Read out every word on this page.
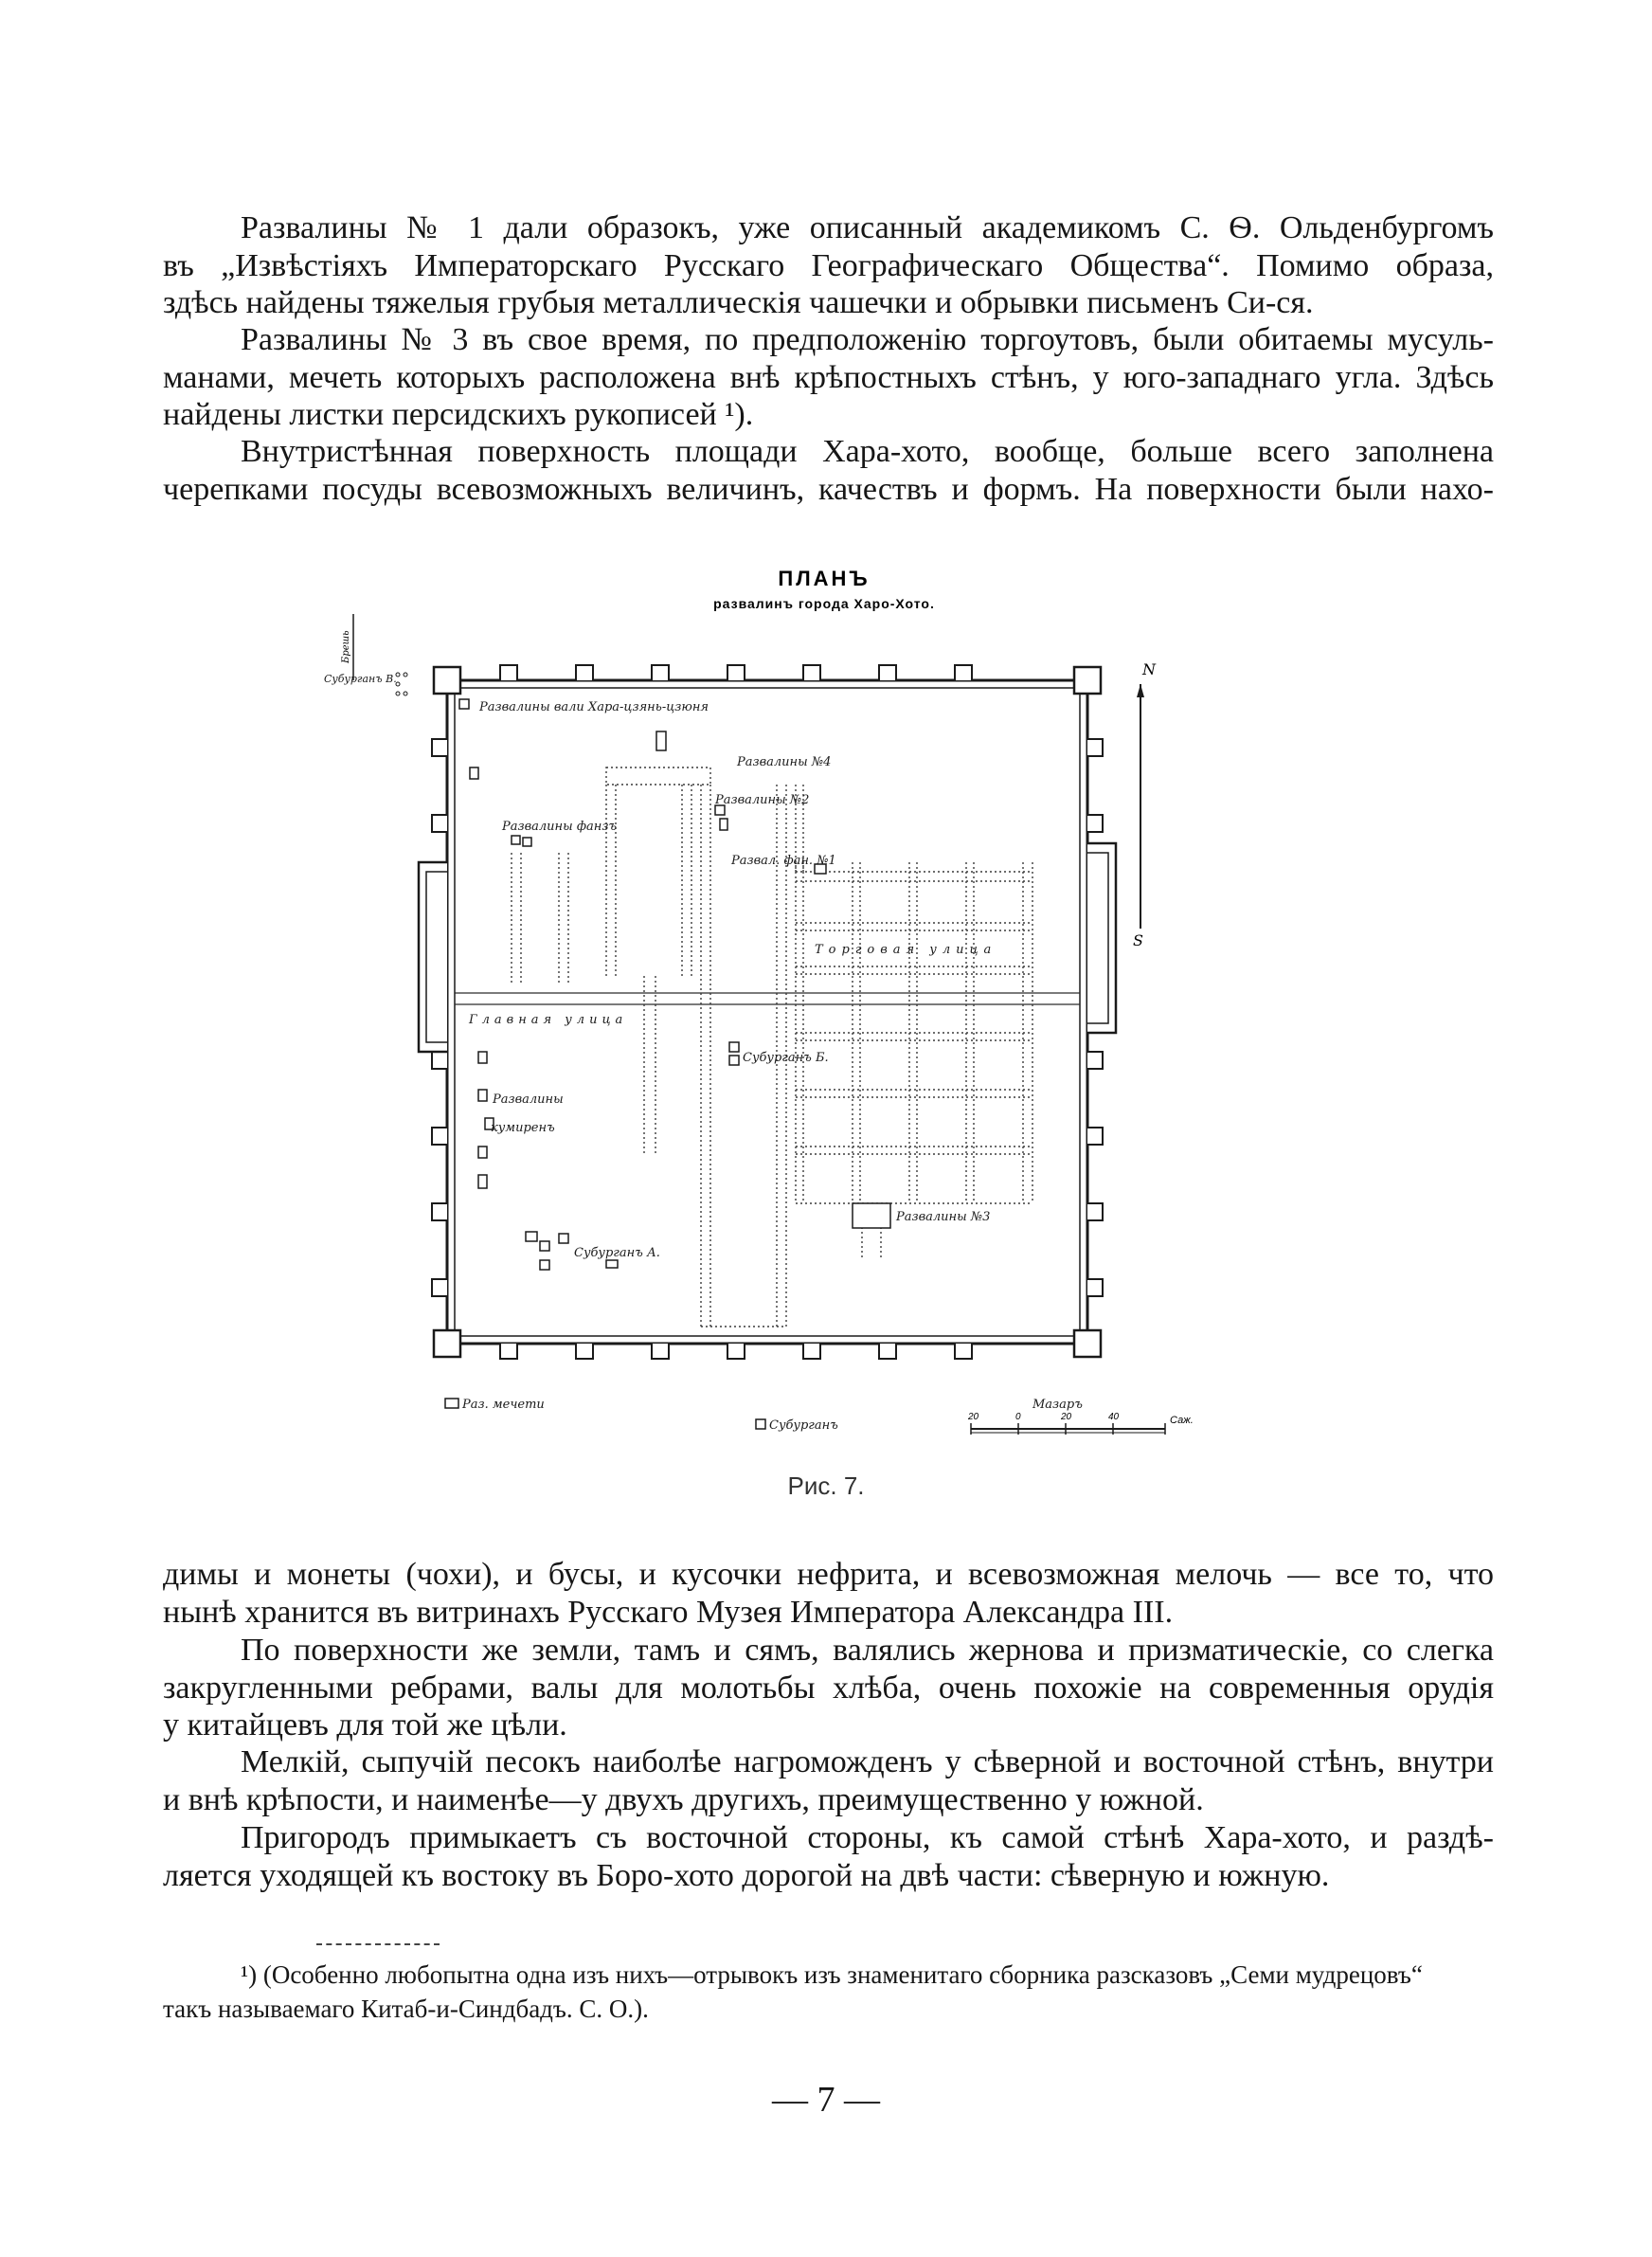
Развалины № 1 дали образокъ, уже описанный академикомъ С. Ѳ. Ольденбургомъ
въ „Извѣстіяхъ Императорскаго Русскаго Географическаго Общества“. Помимо образа,
здѣсь найдены тяжелыя грубыя металлическія чашечки и обрывки письменъ Си-ся.

Развалины № 3 въ свое время, по предположенію торгоутовъ, были обитаемы мусуль-
манами, мечеть которыхъ расположена внѣ крѣпостныхъ стѣнъ, у юго-западнаго угла. Здѣсь
найдены листки персидскихъ рукописей ¹).

Внутристѣнная поверхность площади Хара-хото, вообще, больше всего заполнена
черепками посуды всевозможныхъ величинъ, качествъ и формъ. На поверхности были нахо-

ПЛАНЪ
развалинъ города Харо-Хото.
Брешь
Развалины вали Хара-цзянь-цзюня
Развалины №4
Развалины №2
Развалины фанзъ
Развал. фан. №1
Торговая улица
Главная улица
Субурганъ Б.
Развалины
кумиренъ
Развалины №3
Субурганъ А.
Субурганъ В.
Раз. мечети	Мазаръ
Субурганъ
N
S
20	0	20	40	Саж.
Рис. 7.

димы и монеты (чохи), и бусы, и кусочки нефрита, и всевозможная мелочь — все то, что
нынѣ хранится въ витринахъ Русскаго Музея Императора Александра III.

По поверхности же земли, тамъ и сямъ, валялись жернова и призматическіе, со слегка
закругленными ребрами, валы для молотьбы хлѣба, очень похожіе на современныя орудія
у китайцевъ для той же цѣли.

Мелкій, сыпучій песокъ наиболѣе нагроможденъ у сѣверной и восточной стѣнъ, внутри
и внѣ крѣпости, и наименѣе—у двухъ другихъ, преимущественно у южной.

Пригородъ примыкаетъ съ восточной стороны, къ самой стѣнѣ Хара-хото, и раздѣ-
ляется уходящей къ востоку въ Боро-хото дорогой на двѣ части: сѣверную и южную.

¹) (Особенно любопытна одна изъ нихъ—отрывокъ изъ знаменитаго сборника разсказовъ „Семи мудрецовъ“
такъ называемаго Китаб-и-Синдбадъ. С. О.).
— 7 —
